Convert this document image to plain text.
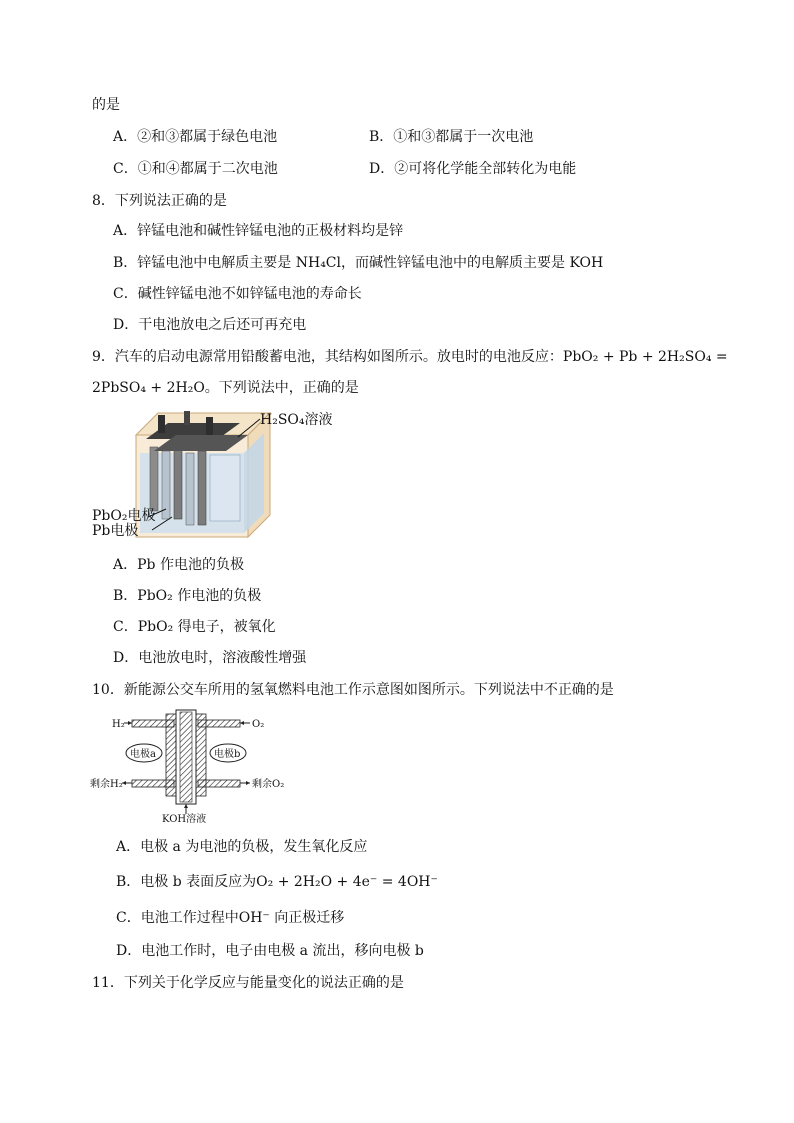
的是
A．②和③都属于绿色电池	B．①和③都属于一次电池
C．①和④都属于二次电池	D．②可将化学能全部转化为电能
8．下列说法正确的是
A．锌锰电池和碱性锌锰电池的正极材料均是锌
B．锌锰电池中电解质主要是 NH₄Cl，而碱性锌锰电池中的电解质主要是 KOH
C．碱性锌锰电池不如锌锰电池的寿命长
D．干电池放电之后还可再充电
9．汽车的启动电源常用铅酸蓄电池，其结构如图所示。放电时的电池反应：PbO₂ + Pb + 2H₂SO₄ =
2PbSO₄ + 2H₂O。下列说法中，正确的是
H₂SO₄溶液
PbO₂电极
Pb电极
A．Pb 作电池的负极
B．PbO₂ 作电池的负极
C．PbO₂ 得电子，被氧化
D．电池放电时，溶液酸性增强
10．新能源公交车所用的氢氧燃料电池工作示意图如图所示。下列说法中不正确的是
电极a	电极b
H₂	O₂
剩余H₂	剩余O₂
KOH溶液
A．电极 a 为电池的负极，发生氧化反应
B．电极 b 表面反应为O₂ + 2H₂O + 4e⁻ = 4OH⁻
C．电池工作过程中OH⁻ 向正极迁移
D．电池工作时，电子由电极 a 流出，移向电极 b
11．下列关于化学反应与能量变化的说法正确的是
